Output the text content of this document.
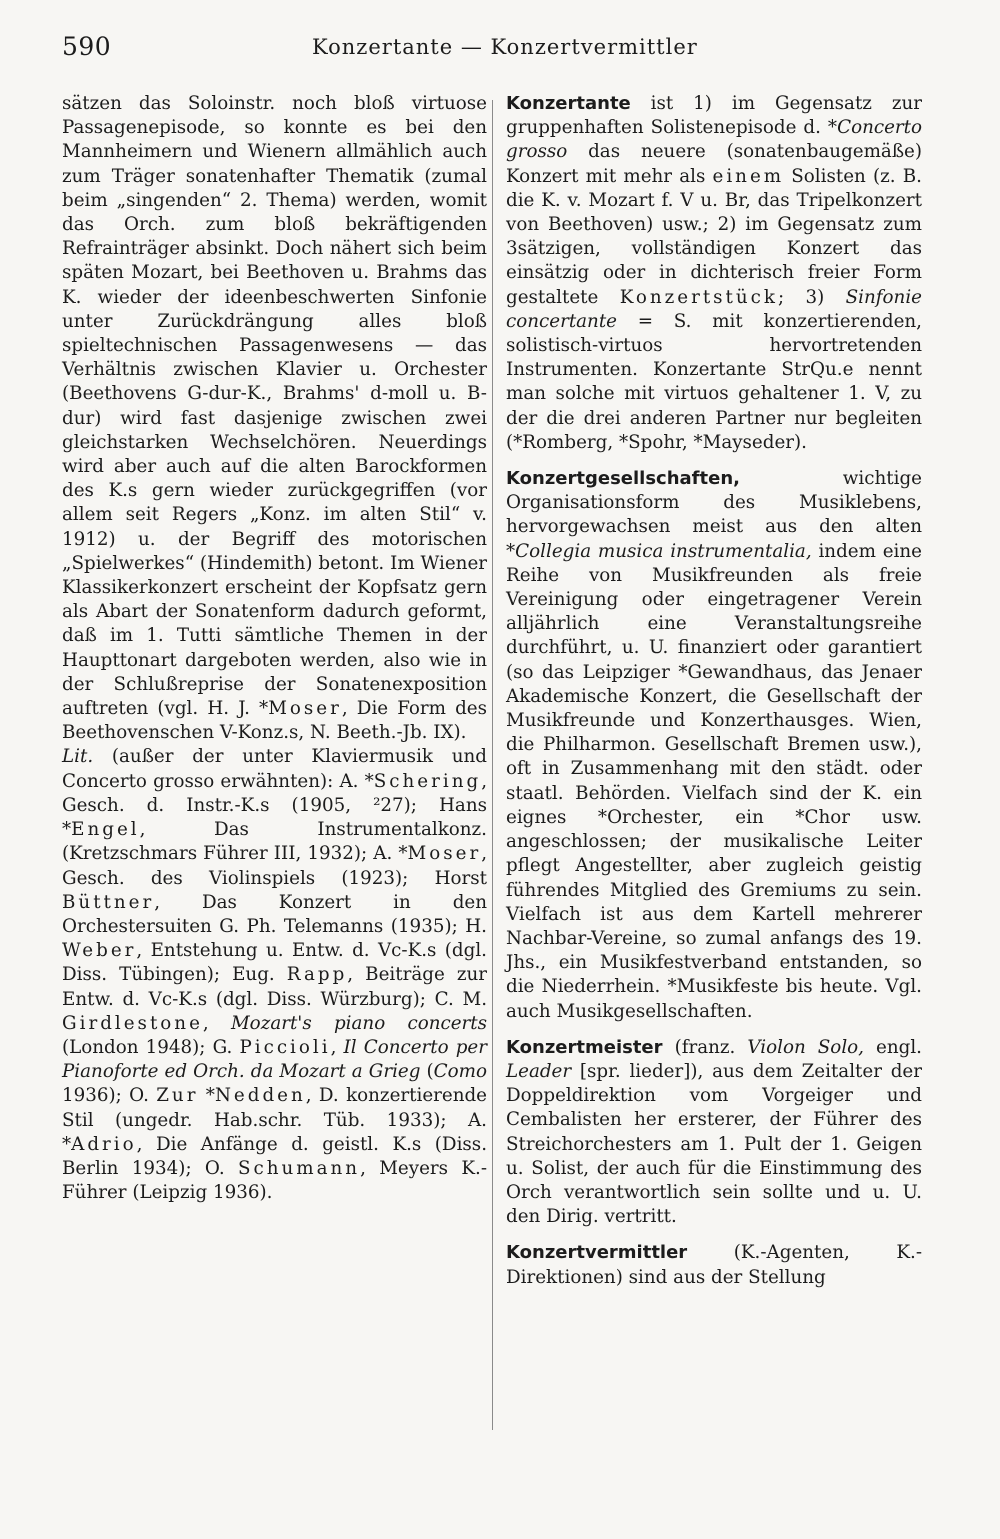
590	Konzertante — Konzertvermittler

sätzen das Soloinstr. noch bloß virtuose Passagenepisode, so konnte es bei den Mannheimern und Wienern allmählich auch zum Träger sonatenhafter Thematik (zumal beim „singenden“ 2. Thema) werden, womit das Orch. zum bloß bekräftigenden Refrainträger absinkt. Doch nähert sich beim späten Mozart, bei Beethoven u. Brahms das K. wieder der ideenbeschwerten Sinfonie unter Zurückdrängung alles bloß spieltechnischen Passagenwesens — das Verhältnis zwischen Klavier u. Orchester (Beethovens G-dur-K., Brahms' d-moll u. B-dur) wird fast dasjenige zwischen zwei gleichstarken Wechselchören. Neuerdings wird aber auch auf die alten Barockformen des K.s gern wieder zurückgegriffen (vor allem seit Regers „Konz. im alten Stil“ v. 1912) u. der Begriff des motorischen „Spielwerkes“ (Hindemith) betont. Im Wiener Klassikerkonzert erscheint der Kopfsatz gern als Abart der Sonatenform dadurch geformt, daß im 1. Tutti sämtliche Themen in der Haupttonart dargeboten werden, also wie in der Schlußreprise der Sonatenexposition auftreten (vgl. H. J. *Moser, Die Form des Beethovenschen V-Konz.s, N. Beeth.-Jb. IX).

Lit. (außer der unter Klaviermusik und Concerto grosso erwähnten): A. *Schering, Gesch. d. Instr.-K.s (1905, ²27); Hans *Engel, Das Instrumentalkonz. (Kretzschmars Führer III, 1932); A. *Moser, Gesch. des Violinspiels (1923); Horst Büttner, Das Konzert in den Orchestersuiten G. Ph. Telemanns (1935); H. Weber, Entstehung u. Entw. d. Vc-K.s (dgl. Diss. Tübingen); Eug. Rapp, Beiträge zur Entw. d. Vc-K.s (dgl. Diss. Würzburg); C. M. Girdlestone, Mozart's piano concerts (London 1948); G. Piccioli, Il Concerto per Pianoforte ed Orch. da Mozart a Grieg (Como 1936); O. Zur *Nedden, D. konzertierende Stil (ungedr. Hab.schr. Tüb. 1933); A. *Adrio, Die Anfänge d. geistl. K.s (Diss. Berlin 1934); O. Schumann, Meyers K.-Führer (Leipzig 1936).

Konzertante ist 1) im Gegensatz zur gruppenhaften Solistenepisode d. *Concerto grosso das neuere (sonatenbaugemäße) Konzert mit mehr als einem Solisten (z. B. die K. v. Mozart f. V u. Br, das Tripelkonzert von Beethoven) usw.; 2) im Gegensatz zum 3sätzigen, vollständigen Konzert das einsätzig oder in dichterisch freier Form gestaltete Konzertstück; 3) Sinfonie concertante = S. mit konzertierenden, solistisch-virtuos hervortretenden Instrumenten. Konzertante StrQu.e nennt man solche mit virtuos gehaltener 1. V, zu der die drei anderen Partner nur begleiten (*Romberg, *Spohr, *Mayseder).

Konzertgesellschaften, wichtige Organisationsform des Musiklebens, hervorgewachsen meist aus den alten *Collegia musica instrumentalia, indem eine Reihe von Musikfreunden als freie Vereinigung oder eingetragener Verein alljährlich eine Veranstaltungsreihe durchführt, u. U. finanziert oder garantiert (so das Leipziger *Gewandhaus, das Jenaer Akademische Konzert, die Gesellschaft der Musikfreunde und Konzerthausges. Wien, die Philharmon. Gesellschaft Bremen usw.), oft in Zusammenhang mit den städt. oder staatl. Behörden. Vielfach sind der K. ein eignes *Orchester, ein *Chor usw. angeschlossen; der musikalische Leiter pflegt Angestellter, aber zugleich geistig führendes Mitglied des Gremiums zu sein. Vielfach ist aus dem Kartell mehrerer Nachbar-Vereine, so zumal anfangs des 19. Jhs., ein Musikfestverband entstanden, so die Niederrhein. *Musikfeste bis heute. Vgl. auch Musikgesellschaften.

Konzertmeister (franz. Violon Solo, engl. Leader [spr. lieder]), aus dem Zeitalter der Doppeldirektion vom Vorgeiger und Cembalisten her ersterer, der Führer des Streichorchesters am 1. Pult der 1. Geigen u. Solist, der auch für die Einstimmung des Orch verantwortlich sein sollte und u. U. den Dirig. vertritt.

Konzertvermittler (K.-Agenten, K.-Direktionen) sind aus der Stellung
